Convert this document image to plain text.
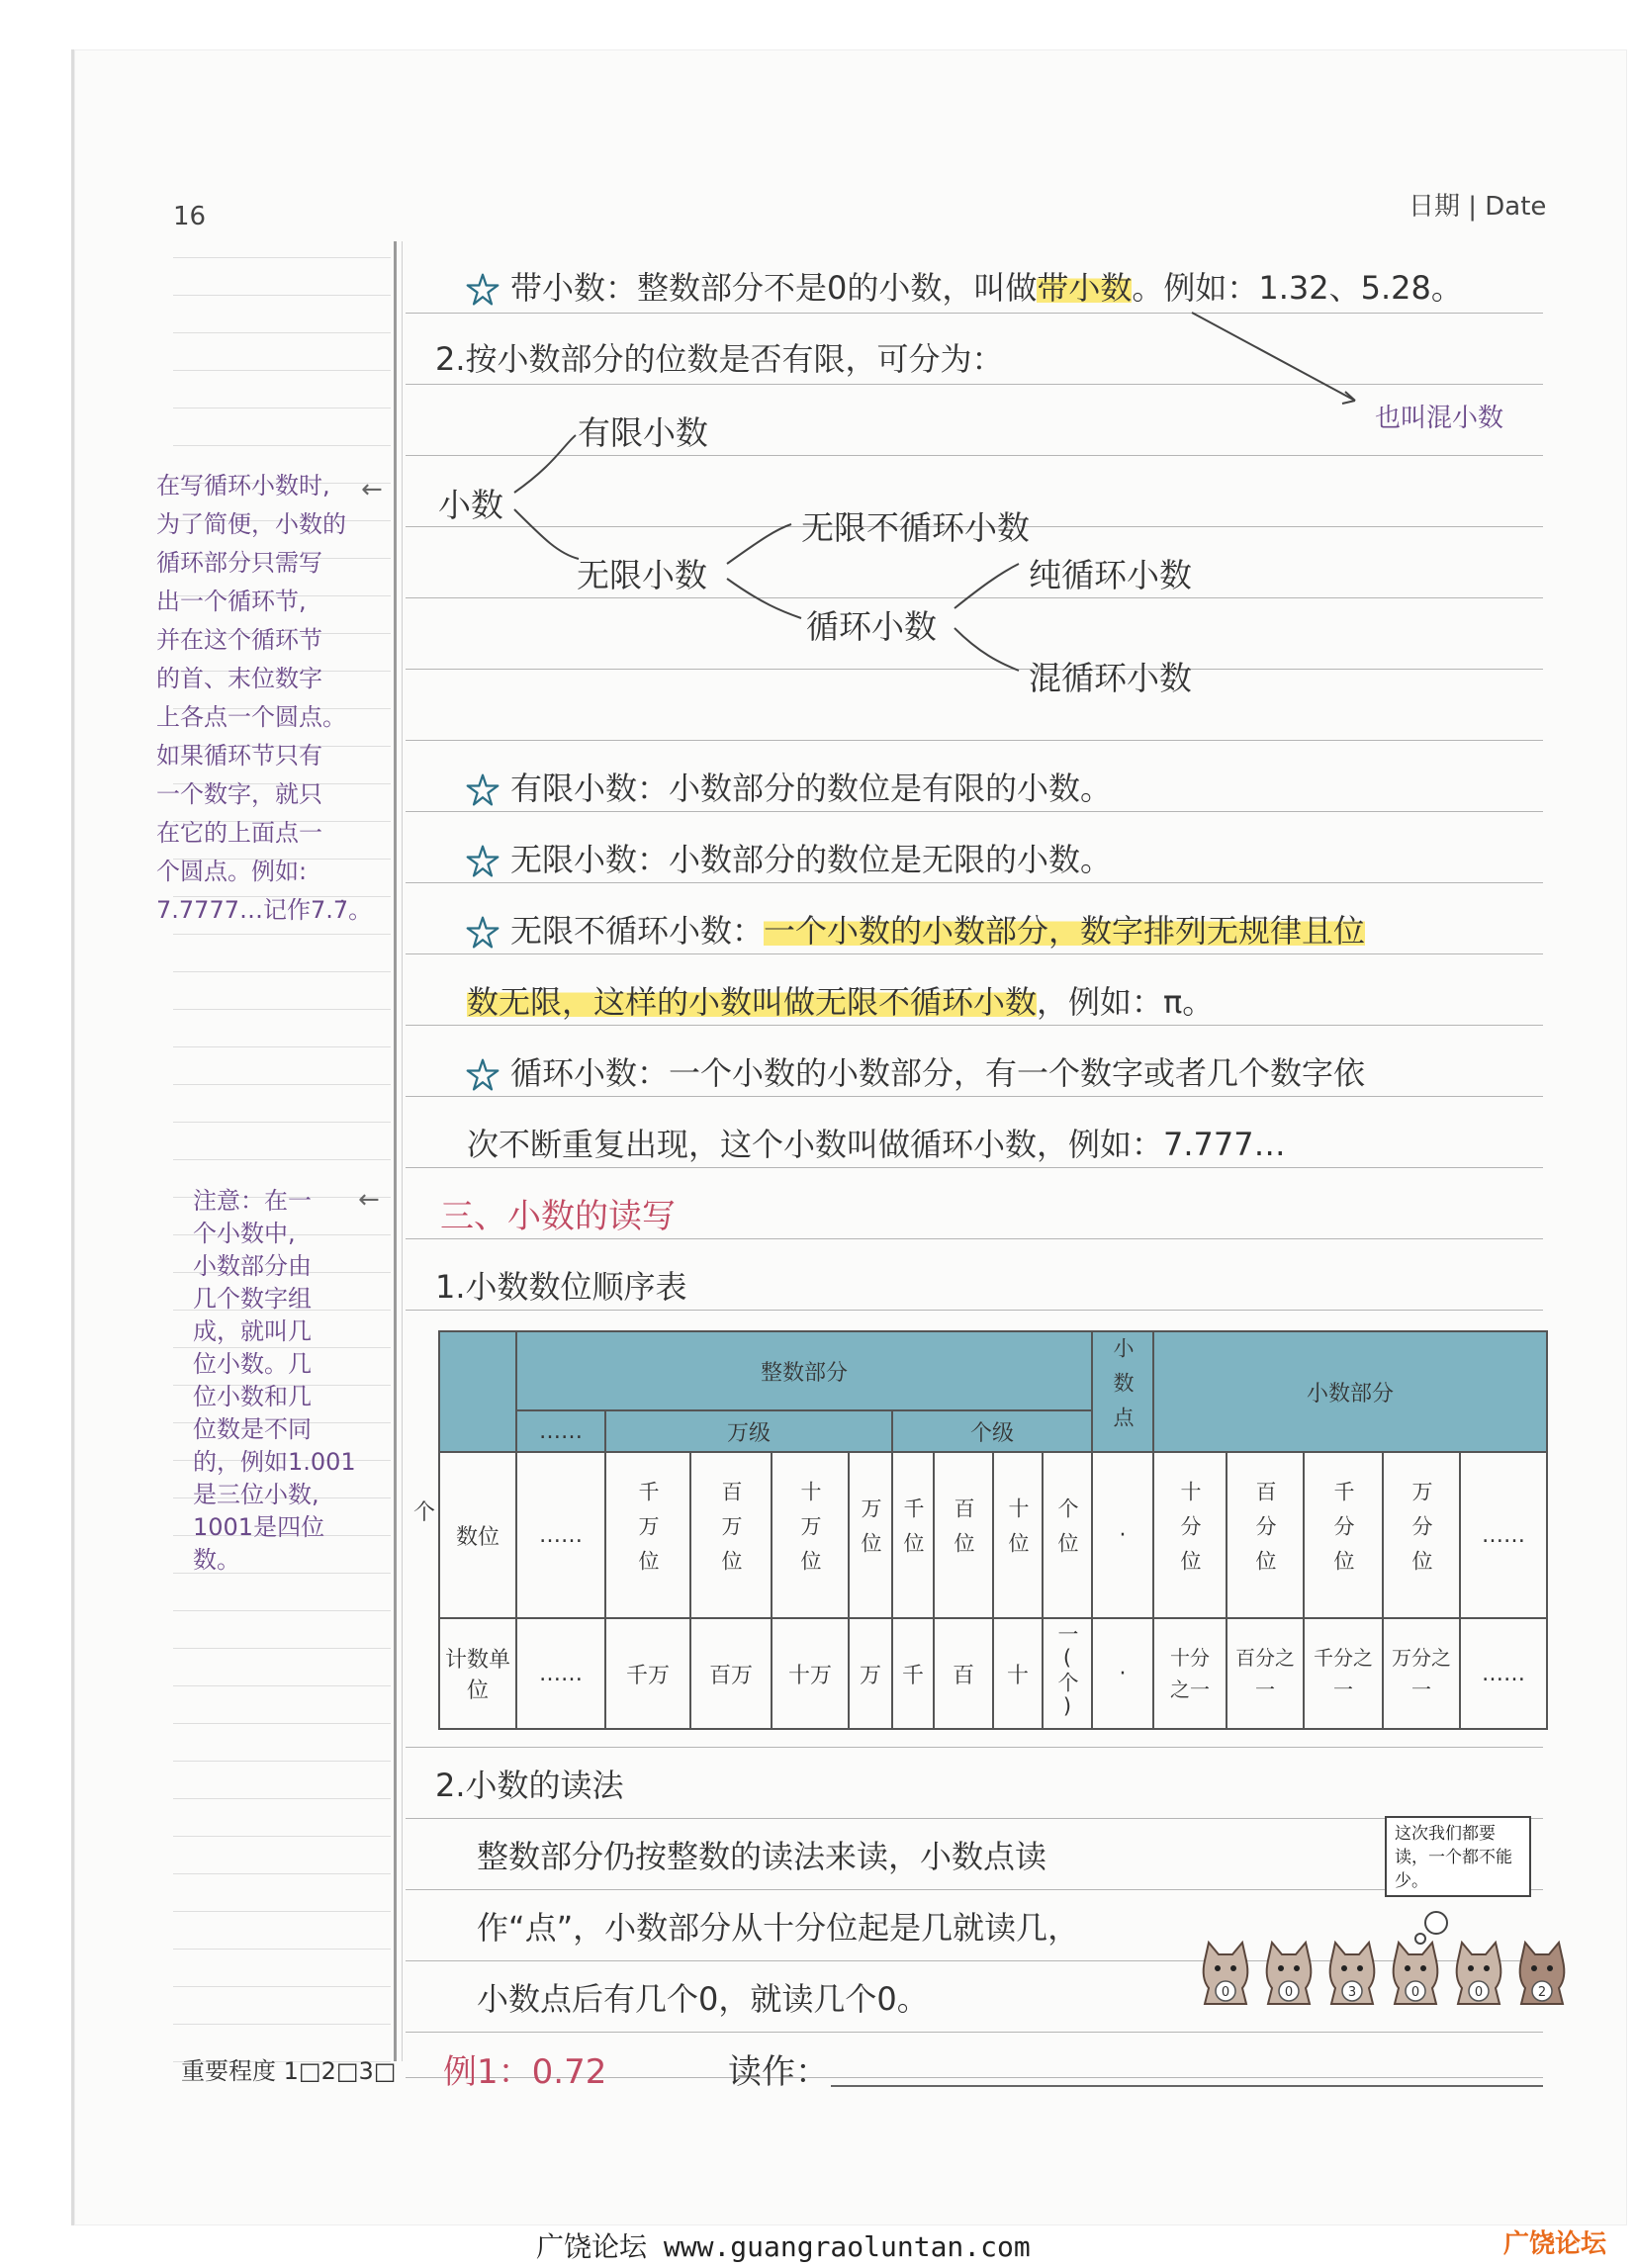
16	日期 | Date
在写循环小数时,
为了简便，小数的
循环部分只需写
出一个循环节,
并在这个循环节
的首、末位数字
上各点一个圆点。
如果循环节只有
一个数字，就只
在它的上面点一
个圆点。例如:
7.7777…记作7.7̇。
←
注意：在一
个小数中,
小数部分由
几个数字组
成，就叫几
位小数。几
位小数和几
位数是不同
的，例如1.001
是三位小数,
1001是四位
数。
←
带小数：整数部分不是0的小数，叫做带小数。例如：1.32、5.28。
也叫混小数
2.按小数部分的位数是否有限，可分为：
小数
有限小数
无限小数
无限不循环小数
循环小数
纯循环小数
混循环小数
有限小数：小数部分的数位是有限的小数。
无限小数：小数部分的数位是无限的小数。
无限不循环小数：一个小数的小数部分，数字排列无规律且位
数无限，这样的小数叫做无限不循环小数，例如：π。
循环小数：一个小数的小数部分，有一个数字或者几个数字依
次不断重复出现，这个小数叫做循环小数，例如：7.777…
三、小数的读写
1.小数数位顺序表
个
	整数部分									小数点	小数部分				
	……	万级				个级									
数位	……	千万位	百万位	十万位	万位	千位	百位	十位	个位	·	十分位	百分位	千分位	万分位	……
计数单位	……	千万	百万	十万	万	千	百	十	一(个)	·	十分之一	百分之一	千分之一	万分之一	……
2.小数的读法
整数部分仍按整数的读法来读，小数点读
作“点”，小数部分从十分位起是几就读几，
小数点后有几个0，就读几个0。
这次我们都要读，一个都不能少。
0	0	3	0	0	2
重要程度 1□2□3□ 例1：0.72	读作：
广饶论坛 www.guangraoluntan.com	广饶论坛
